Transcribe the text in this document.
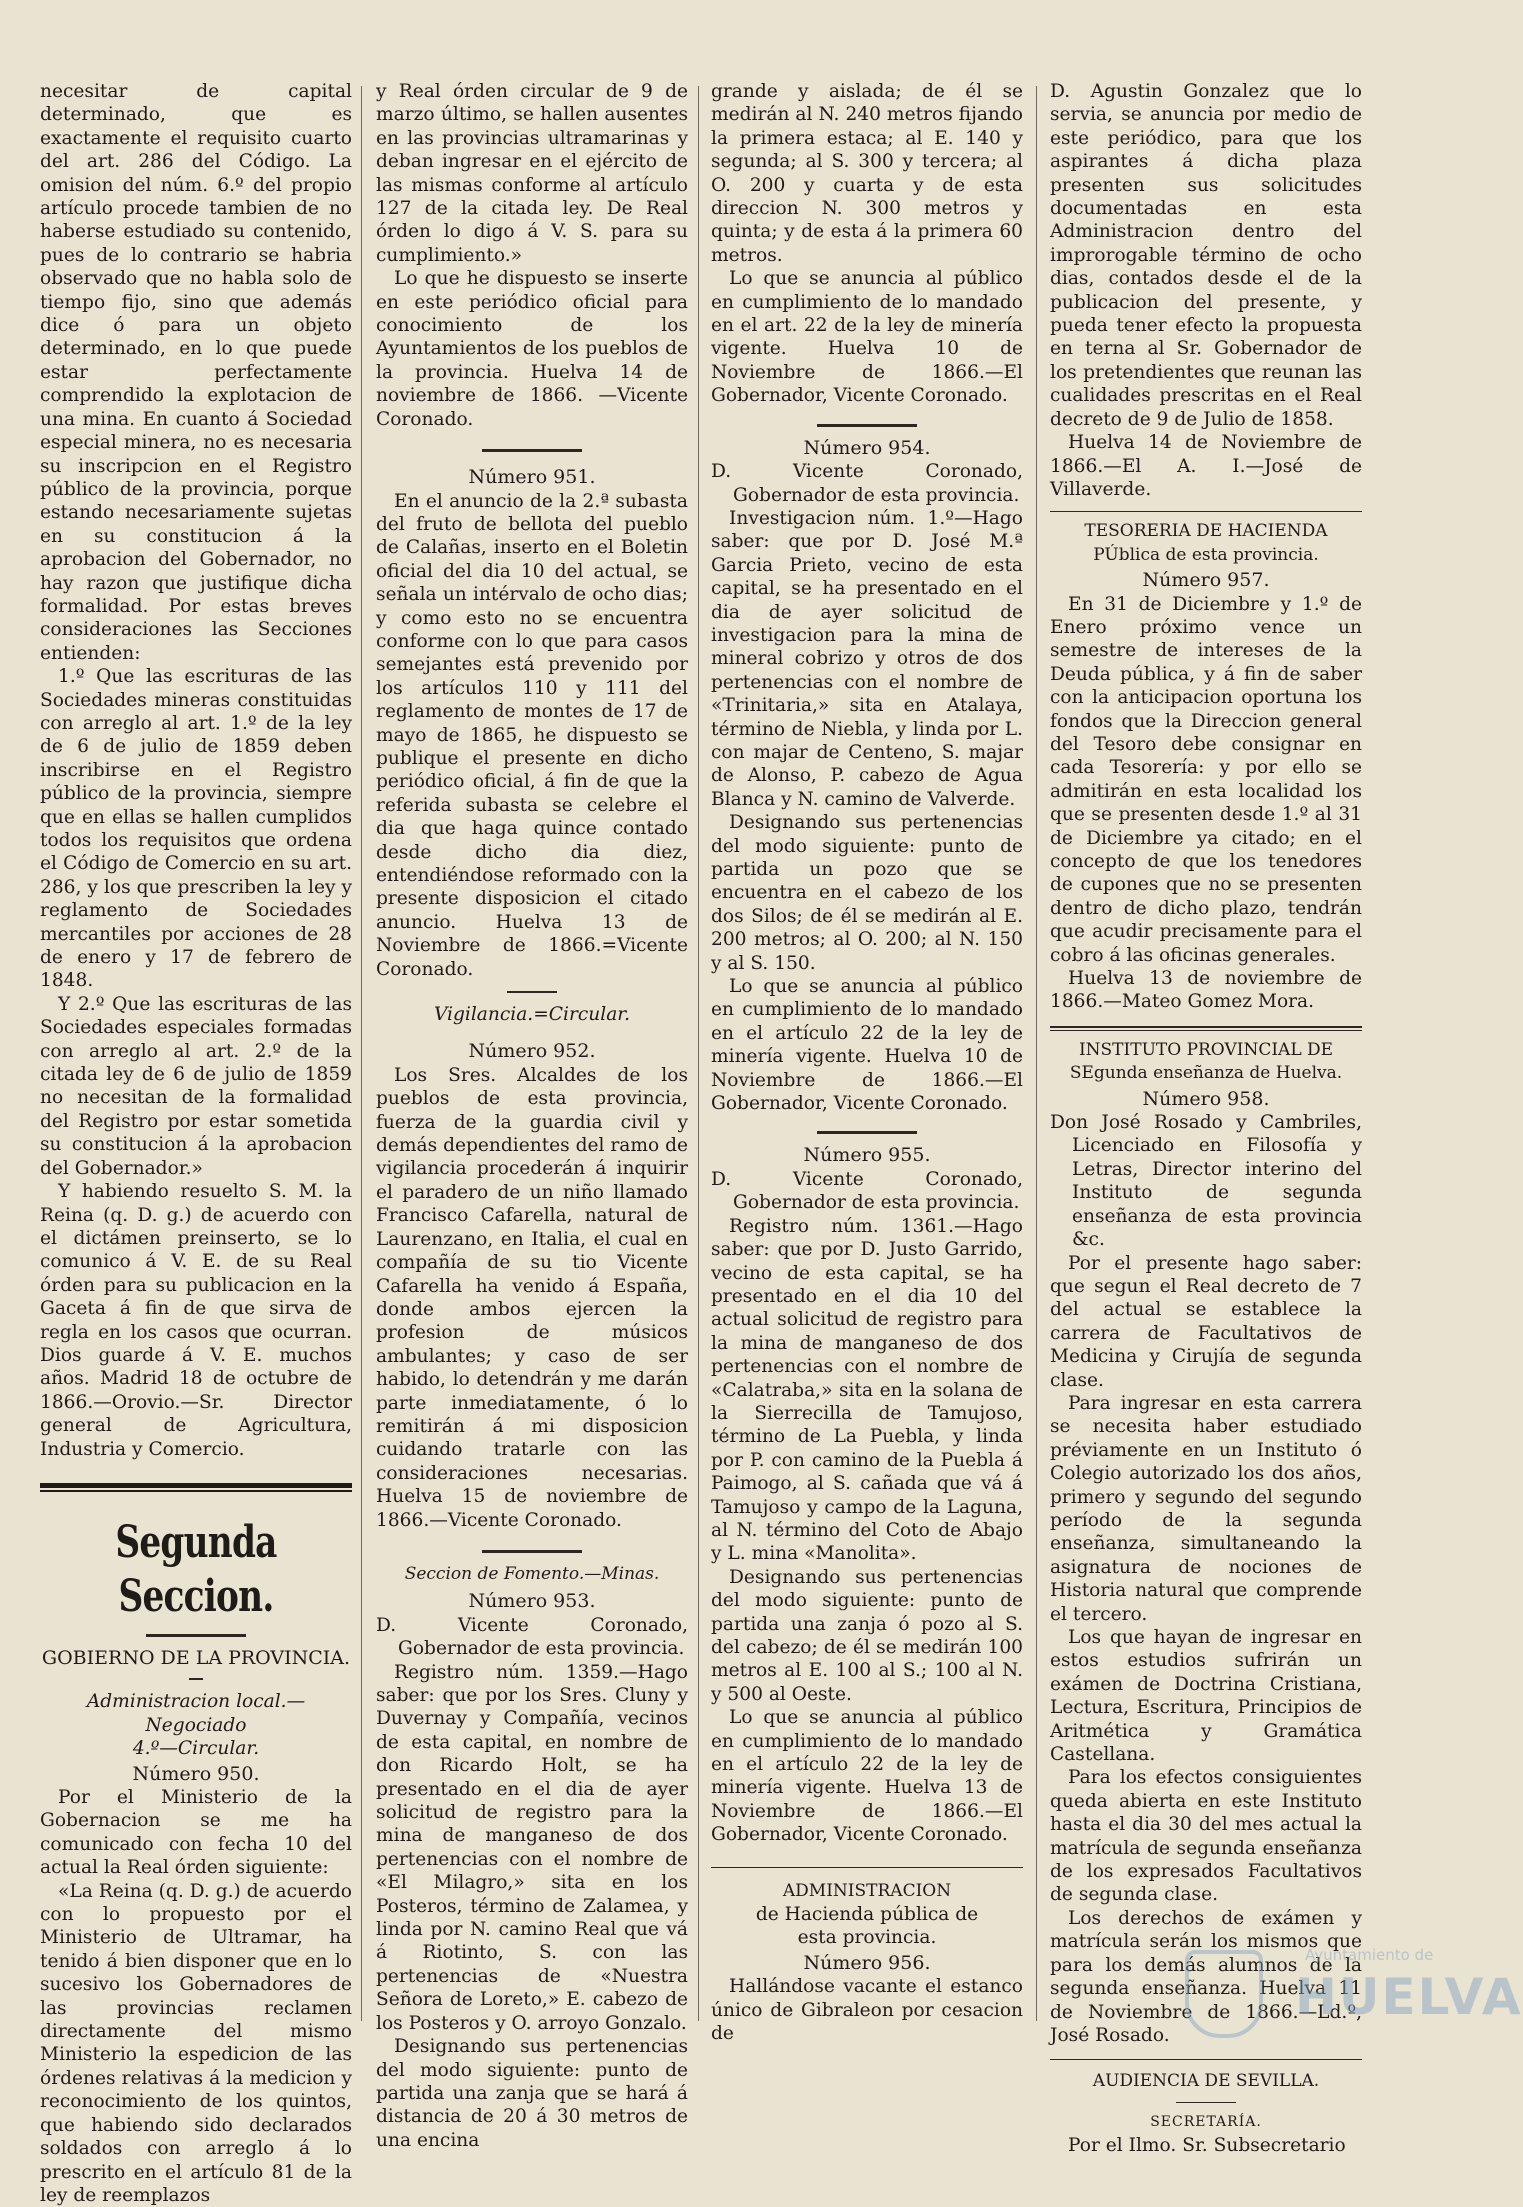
necesitar de capital determinado, que es exactamente el requisito cuarto del art. 286 del Código. La omision del núm. 6.º del propio artículo procede tambien de no haberse estudiado su contenido, pues de lo contrario se habria observado que no habla solo de tiempo fijo, sino que además dice ó para un objeto determinado, en lo que puede estar perfectamente comprendido la explotacion de una mina. En cuanto á Sociedad especial minera, no es necesaria su inscripcion en el Registro público de la provincia, porque estando necesariamente sujetas en su constitucion á la aprobacion del Gobernador, no hay razon que justifique dicha formalidad. Por estas breves consideraciones las Secciones entienden:

1.º Que las escrituras de las Sociedades mineras constituidas con arreglo al art. 1.º de la ley de 6 de julio de 1859 deben inscribirse en el Registro público de la provincia, siempre que en ellas se hallen cumplidos todos los requisitos que ordena el Código de Comercio en su art. 286, y los que prescriben la ley y reglamento de Sociedades mercantiles por acciones de 28 de enero y 17 de febrero de 1848.

Y 2.º Que las escrituras de las Sociedades especiales formadas con arreglo al art. 2.º de la citada ley de 6 de julio de 1859 no necesitan de la formalidad del Registro por estar sometida su constitucion á la aprobacion del Gobernador.»

Y habiendo resuelto S. M. la Reina (q. D. g.) de acuerdo con el dictámen preinserto, se lo comunico á V. E. de su Real órden para su publicacion en la Gaceta á fin de que sirva de regla en los casos que ocurran. Dios guarde á V. E. muchos años. Madrid 18 de octubre de 1866.—Orovio.—Sr. Director general de Agricultura, Industria y Comercio.

Segunda Seccion.
GOBIERNO DE LA PROVINCIA.

Administracion local.—Negociado

4.º—Circular.

Número 950.

Por el Ministerio de la Gobernacion se me ha comunicado con fecha 10 del actual la Real órden siguiente:

«La Reina (q. D. g.) de acuerdo con lo propuesto por el Ministerio de Ultramar, ha tenido á bien disponer que en lo sucesivo los Gobernadores de las provincias reclamen directamente del mismo Ministerio la espedicion de las órdenes relativas á la medicion y reconocimiento de los quintos, que habiendo sido declarados soldados con arreglo á lo prescrito en el artículo 81 de la ley de reemplazos

y Real órden circular de 9 de marzo último, se hallen ausentes en las provincias ultramarinas y deban ingresar en el ejército de las mismas conforme al artículo 127 de la citada ley. De Real órden lo digo á V. S. para su cumplimiento.»

Lo que he dispuesto se inserte en este periódico oficial para conocimiento de los Ayuntamientos de los pueblos de la provincia. Huelva 14 de noviembre de 1866. —Vicente Coronado.

Número 951.

En el anuncio de la 2.ª subasta del fruto de bellota del pueblo de Calañas, inserto en el Boletin oficial del dia 10 del actual, se señala un intérvalo de ocho dias; y como esto no se encuentra conforme con lo que para casos semejantes está prevenido por los artículos 110 y 111 del reglamento de montes de 17 de mayo de 1865, he dispuesto se publique el presente en dicho periódico oficial, á fin de que la referida subasta se celebre el dia que haga quince contado desde dicho dia diez, entendiéndose reformado con la presente disposicion el citado anuncio. Huelva 13 de Noviembre de 1866.=Vicente Coronado.

Vigilancia.=Circular.

Número 952.

Los Sres. Alcaldes de los pueblos de esta provincia, fuerza de la guardia civil y demás dependientes del ramo de vigilancia procederán á inquirir el paradero de un niño llamado Francisco Cafarella, natural de Laurenzano, en Italia, el cual en compañía de su tio Vicente Cafarella ha venido á España, donde ambos ejercen la profesion de músicos ambulantes; y caso de ser habido, lo detendrán y me darán parte inmediatamente, ó lo remitirán á mi disposicion cuidando tratarle con las consideraciones necesarias. Huelva 15 de noviembre de 1866.—Vicente Coronado.

Seccion de Fomento.—Minas.

Número 953.

D. Vicente Coronado, Gobernador de esta provincia.

Registro núm. 1359.—Hago saber: que por los Sres. Cluny y Duvernay y Compañía, vecinos de esta capital, en nombre de don Ricardo Holt, se ha presentado en el dia de ayer solicitud de registro para la mina de manganeso de dos pertenencias con el nombre de «El Milagro,» sita en los Posteros, término de Zalamea, y linda por N. camino Real que vá á Riotinto, S. con las pertenencias de «Nuestra Señora de Loreto,» E. cabezo de los Posteros y O. arroyo Gonzalo.

Designando sus pertenencias del modo siguiente: punto de partida una zanja que se hará á distancia de 20 á 30 metros de una encina

grande y aislada; de él se medirán al N. 240 metros fijando la primera estaca; al E. 140 y segunda; al S. 300 y tercera; al O. 200 y cuarta y de esta direccion N. 300 metros y quinta; y de esta á la primera 60 metros.

Lo que se anuncia al público en cumplimiento de lo mandado en el art. 22 de la ley de minería vigente. Huelva 10 de Noviembre de 1866.—El Gobernador, Vicente Coronado.

Número 954.

D. Vicente Coronado, Gobernador de esta provincia.

Investigacion núm. 1.º—Hago saber: que por D. José M.ª Garcia Prieto, vecino de esta capital, se ha presentado en el dia de ayer solicitud de investigacion para la mina de mineral cobrizo y otros de dos pertenencias con el nombre de «Trinitaria,» sita en Atalaya, término de Niebla, y linda por L. con majar de Centeno, S. majar de Alonso, P. cabezo de Agua Blanca y N. camino de Valverde.

Designando sus pertenencias del modo siguiente: punto de partida un pozo que se encuentra en el cabezo de los dos Silos; de él se medirán al E. 200 metros; al O. 200; al N. 150 y al S. 150.

Lo que se anuncia al público en cumplimiento de lo mandado en el artículo 22 de la ley de minería vigente. Huelva 10 de Noviembre de 1866.—El Gobernador, Vicente Coronado.

Número 955.

D. Vicente Coronado, Gobernador de esta provincia.

Registro núm. 1361.—Hago saber: que por D. Justo Garrido, vecino de esta capital, se ha presentado en el dia 10 del actual solicitud de registro para la mina de manganeso de dos pertenencias con el nombre de «Calatraba,» sita en la solana de la Sierrecilla de Tamujoso, término de La Puebla, y linda por P. con camino de la Puebla á Paimogo, al S. cañada que vá á Tamujoso y campo de la Laguna, al N. término del Coto de Abajo y L. mina «Manolita».

Designando sus pertenencias del modo siguiente: punto de partida una zanja ó pozo al S. del cabezo; de él se medirán 100 metros al E. 100 al S.; 100 al N. y 500 al Oeste.

Lo que se anuncia al público en cumplimiento de lo mandado en el artículo 22 de la ley de minería vigente. Huelva 13 de Noviembre de 1866.—El Gobernador, Vicente Coronado.

ADMINISTRACION

de Hacienda pública de esta provincia.

Número 956.

Hallándose vacante el estanco único de Gibraleon por cesacion de

D. Agustin Gonzalez que lo servia, se anuncia por medio de este periódico, para que los aspirantes á dicha plaza presenten sus solicitudes documentadas en esta Administracion dentro del improrogable término de ocho dias, contados desde el de la publicacion del presente, y pueda tener efecto la propuesta en terna al Sr. Gobernador de los pretendientes que reunan las cualidades prescritas en el Real decreto de 9 de Julio de 1858.

Huelva 14 de Noviembre de 1866.—El A. I.—José de Villaverde.

TESORERIA DE HACIENDA PÚblica de esta provincia.

Número 957.

En 31 de Diciembre y 1.º de Enero próximo vence un semestre de intereses de la Deuda pública, y á fin de saber con la anticipacion oportuna los fondos que la Direccion general del Tesoro debe consignar en cada Tesorería: y por ello se admitirán en esta localidad los que se presenten desde 1.º al 31 de Diciembre ya citado; en el concepto de que los tenedores de cupones que no se presenten dentro de dicho plazo, tendrán que acudir precisamente para el cobro á las oficinas generales.

Huelva 13 de noviembre de 1866.—Mateo Gomez Mora.

INSTITUTO PROVINCIAL DE SEgunda enseñanza de Huelva.

Número 958.

Don José Rosado y Cambriles, Licenciado en Filosofía y Letras, Director interino del Instituto de segunda enseñanza de esta provincia &c.

Por el presente hago saber: que segun el Real decreto de 7 del actual se establece la carrera de Facultativos de Medicina y Cirujía de segunda clase.

Para ingresar en esta carrera se necesita haber estudiado préviamente en un Instituto ó Colegio autorizado los dos años, primero y segundo del segundo período de la segunda enseñanza, simultaneando la asignatura de nociones de Historia natural que comprende el tercero.

Los que hayan de ingresar en estos estudios sufrirán un exámen de Doctrina Cristiana, Lectura, Escritura, Principios de Aritmética y Gramática Castellana.

Para los efectos consiguientes queda abierta en este Instituto hasta el dia 30 del mes actual la matrícula de segunda enseñanza de los expresados Facultativos de segunda clase.

Los derechos de exámen y matrícula serán los mismos que para los demás alumnos de la segunda enseñanza. Huelva 11 de Noviembre de 1866.—Ld.º, José Rosado.

AUDIENCIA DE SEVILLA.

SECRETARÍA.

Por el Ilmo. Sr. Subsecretario

Ayuntamiento de
HUELVA
